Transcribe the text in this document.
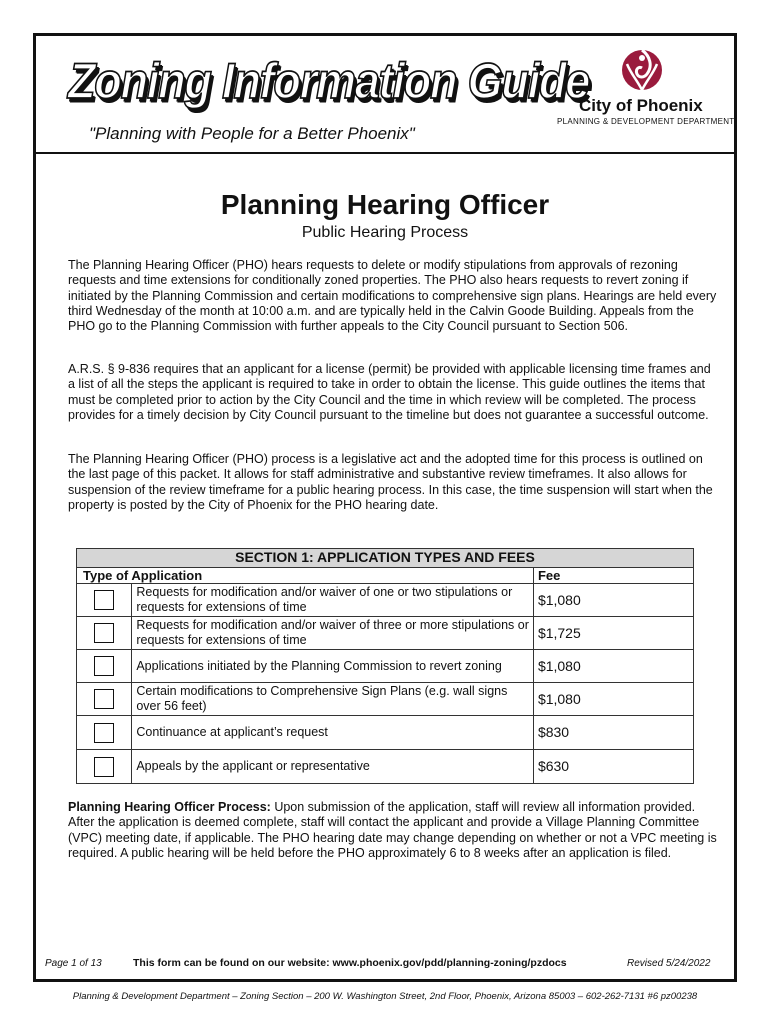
Zoning Information Guide
"Planning with People for a Better Phoenix"
City of Phoenix
PLANNING & DEVELOPMENT DEPARTMENT
Planning Hearing Officer
Public Hearing Process

The Planning Hearing Officer (PHO) hears requests to delete or modify stipulations from approvals of rezoning requests and time extensions for conditionally zoned properties. The PHO also hears requests to revert zoning if initiated by the Planning Commission and certain modifications to comprehensive sign plans. Hearings are held every third Wednesday of the month at 10:00 a.m. and are typically held in the Calvin Goode Building. Appeals from the PHO go to the Planning Commission with further appeals to the City Council pursuant to Section 506.

A.R.S. § 9-836 requires that an applicant for a license (permit) be provided with applicable licensing time frames and a list of all the steps the applicant is required to take in order to obtain the license. This guide outlines the items that must be completed prior to action by the City Council and the time in which review will be completed. The process provides for a timely decision by City Council pursuant to the timeline but does not guarantee a successful outcome.

The Planning Hearing Officer (PHO) process is a legislative act and the adopted time for this process is outlined on the last page of this packet. It allows for staff administrative and substantive review timeframes. It also allows for suspension of the review timeframe for a public hearing process. In this case, the time suspension will start when the property is posted by the City of Phoenix for the PHO hearing date.

SECTION 1: APPLICATION TYPES AND FEES		
Type of Application		Fee
	Requests for modification and/or waiver of one or two stipulations or requests for extensions of time	$1,080
	Requests for modification and/or waiver of three or more stipulations or requests for extensions of time	$1,725
	Applications initiated by the Planning Commission to revert zoning	$1,080
	Certain modifications to Comprehensive Sign Plans (e.g. wall signs over 56 feet)	$1,080
	Continuance at applicant’s request	$830
	Appeals by the applicant or representative	$630

Planning Hearing Officer Process: Upon submission of the application, staff will review all information provided. After the application is deemed complete, staff will contact the applicant and provide a Village Planning Committee (VPC) meeting date, if applicable. The PHO hearing date may change depending on whether or not a VPC meeting is required. A public hearing will be held before the PHO approximately 6 to 8 weeks after an application is filed.

Page 1 of 13	This form can be found on our website: www.phoenix.gov/pdd/planning-zoning/pzdocs	Revised 5/24/2022
Planning & Development Department – Zoning Section – 200 W. Washington Street, 2nd Floor, Phoenix, Arizona 85003 – 602-262-7131 #6 pz00238
